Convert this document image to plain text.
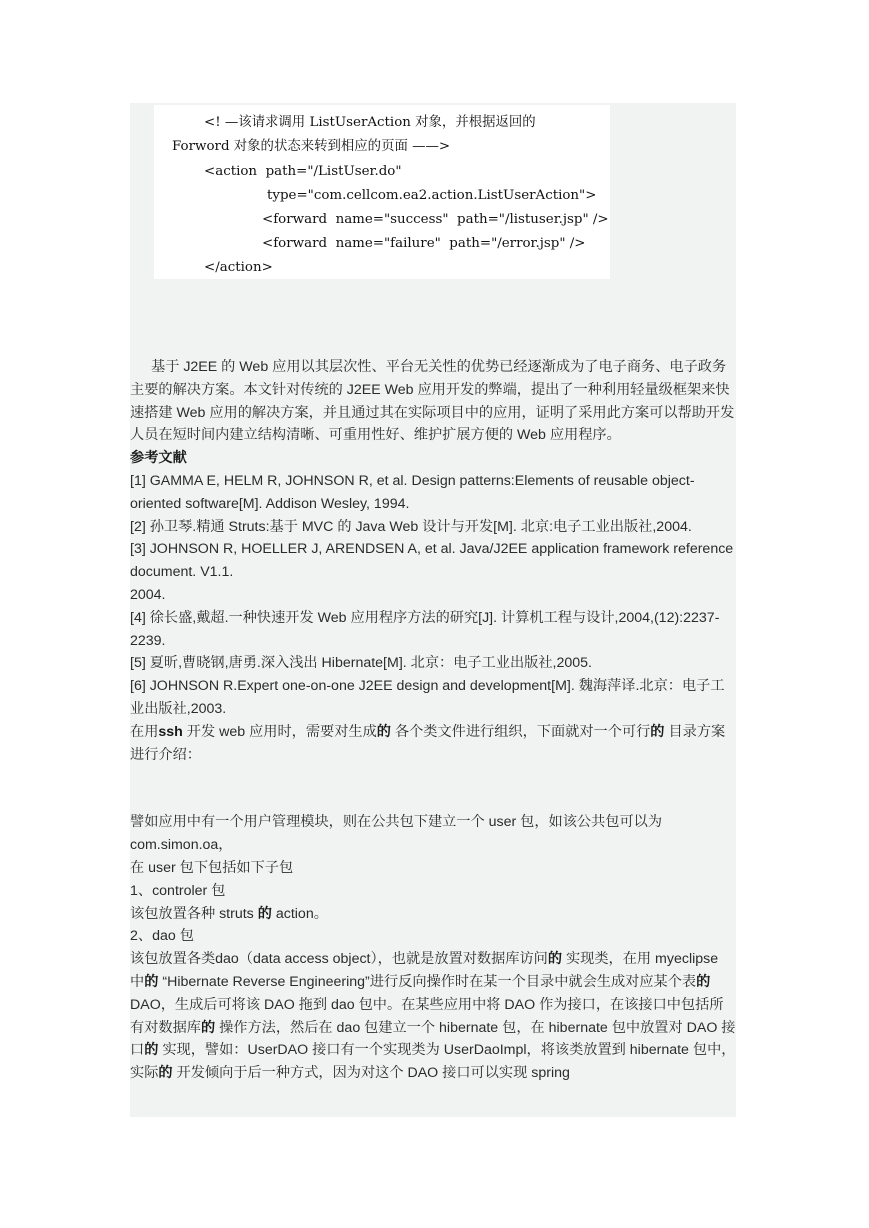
<! —该请求调用 ListUserAction 对象，并根据返回的
Forword 对象的状态来转到相应的页面 ——>
<action  path="/ListUser.do"
type="com.cellcom.ea2.action.ListUserAction">
<forward  name="success"  path="/listuser.jsp" />
<forward  name="failure"  path="/error.jsp" />
</action>

基于 J2EE 的 Web 应用以其层次性、平台无关性的优势已经逐渐成为了电子商务、电子政务主要的解决方案。本文针对传统的 J2EE Web 应用开发的弊端，提出了一种利用轻量级框架来快速搭建 Web 应用的解决方案，并且通过其在实际项目中的应用，证明了采用此方案可以帮助开发人员在短时间内建立结构清晰、可重用性好、维护扩展方便的 Web 应用程序。

参考文献

[1] GAMMA E, HELM R, JOHNSON R, et al. Design patterns:Elements of reusable object-oriented software[M]. Addison Wesley, 1994.

[2] 孙卫琴.精通 Struts:基于 MVC 的 Java Web 设计与开发[M]. 北京:电子工业出版社,2004.

[3] JOHNSON R, HOELLER J, ARENDSEN A, et al. Java/J2EE application framework reference document. V1.1.

2004.

[4] 徐长盛,戴超.一种快速开发 Web 应用程序方法的研究[J]. 计算机工程与设计,2004,(12):2237-2239.

[5] 夏昕,曹晓钢,唐勇.深入浅出 Hibernate[M]. 北京：电子工业出版社,2005.

[6] JOHNSON R.Expert one-on-one J2EE design and development[M]. 魏海萍译.北京：电子工业出版社,2003.

在用ssh 开发 web 应用时，需要对生成的 各个类文件进行组织，下面就对一个可行的 目录方案进行介绍：

譬如应用中有一个用户管理模块，则在公共包下建立一个 user 包，如该公共包可以为 com.simon.oa，

在 user 包下包括如下子包

1、controler 包

该包放置各种 struts 的 action。

2、dao 包

该包放置各类dao（data access object），也就是放置对数据库访问的 实现类，在用 myeclipse 中的 “Hibernate Reverse Engineering”进行反向操作时在某一个目录中就会生成对应某个表的 DAO，生成后可将该 DAO 拖到 dao 包中。在某些应用中将 DAO 作为接口，在该接口中包括所有对数据库的 操作方法，然后在 dao 包建立一个 hibernate 包，在 hibernate 包中放置对 DAO 接口的 实现，譬如：UserDAO 接口有一个实现类为 UserDaoImpl，将该类放置到 hibernate 包中，实际的 开发倾向于后一种方式，因为对这个 DAO 接口可以实现 spring
